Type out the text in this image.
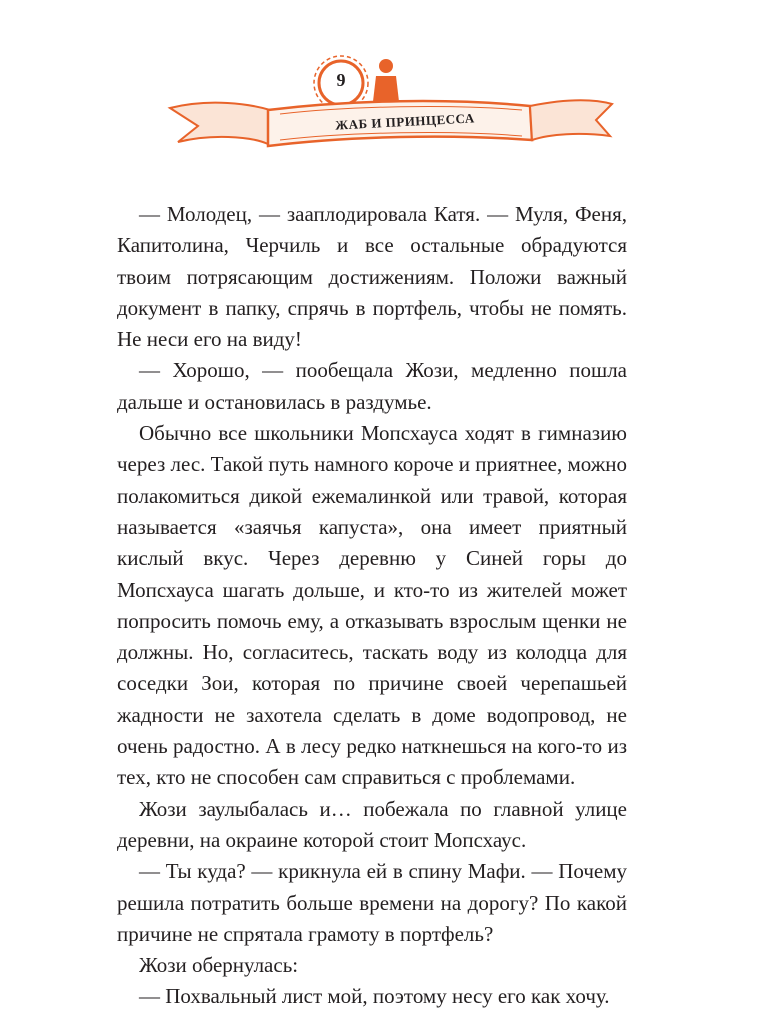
9
ЖАБ И ПРИНЦЕССА

— Молодец, — зааплодировала Катя. — Муля, Феня, Капитолина, Черчиль и все остальные обрадуются твоим потрясающим достижениям. Положи важный документ в папку, спрячь в портфель, чтобы не помять. Не неси его на виду!

— Хорошо, — пообещала Жози, медленно пошла дальше и остановилась в раздумье.

Обычно все школьники Мопсхауса ходят в гимназию через лес. Такой путь намного короче и приятнее, можно полакомиться дикой ежемалинкой или травой, которая называется «заячья капуста», она имеет приятный кислый вкус. Через деревню у Синей горы до Мопсхауса шагать дольше, и кто-то из жителей может попросить помочь ему, а отказывать взрослым щенки не должны. Но, согласитесь, таскать воду из колодца для соседки Зои, которая по причине своей черепашьей жадности не захотела сделать в доме водопровод, не очень радостно. А в лесу редко наткнешься на кого-то из тех, кто не способен сам справиться с проблемами.

Жози заулыбалась и… побежала по главной улице деревни, на окраине которой стоит Мопсхаус.

— Ты куда? — крикнула ей в спину Мафи. — Почему решила потратить больше времени на дорогу? По какой причине не спрятала грамоту в портфель?

Жози обернулась:

— Похвальный лист мой, поэтому несу его как хочу.
